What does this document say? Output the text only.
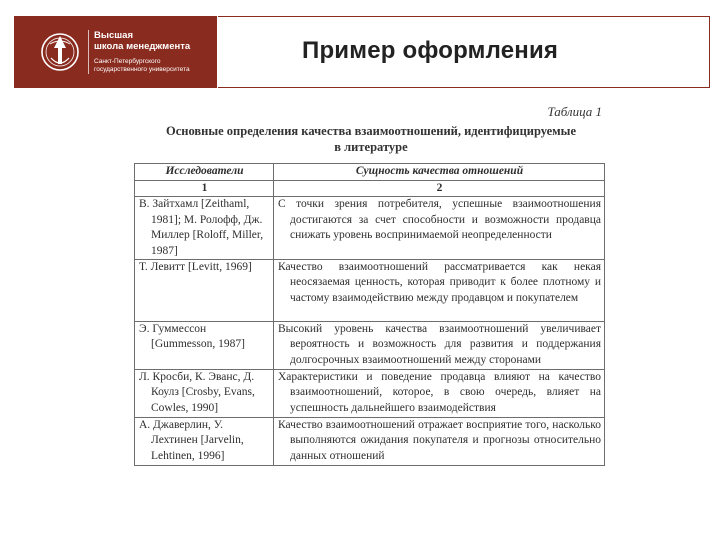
Высшая
школа менеджмента
Санкт-Петербургского
государственного университета
Пример оформления
Таблица 1
Основные определения качества взаимоотношений, идентифицируемые
в литературе
Исследователи	Сущность качества отношений
1	2

В. Зайтхамл [Zeithaml, 1981]; М. Ролофф, Дж. Миллер [Roloff, Miller, 1987]	С точки зрения потребителя, успешные взаимоотношения достигаются за счет способности и возможности продавца снижать уровень воспринимаемой неопределенности

Т. Левитт [Levitt, 1969]	Качество взаимоотношений рассматривается как некая неосязаемая ценность, которая приводит к более плотному и частому взаимодействию между продавцом и покупателем

Э. Гуммессон [Gummesson, 1987]	Высокий уровень качества взаимоотношений увеличивает вероятность и возможность для развития и поддержания долгосрочных взаимоотношений между сторонами

Л. Кросби, К. Эванс, Д. Коулз [Crosby, Evans, Cowles, 1990]	Характеристики и поведение продавца влияют на качество взаимоотношений, которое, в свою очередь, влияет на успешность дальнейшего взаимодействия

А. Джаверлин, У. Лехтинен [Jarvelin, Lehtinen, 1996]	Качество взаимоотношений отражает восприятие того, насколько выполняются ожидания покупателя и прогнозы относительно данных отношений
